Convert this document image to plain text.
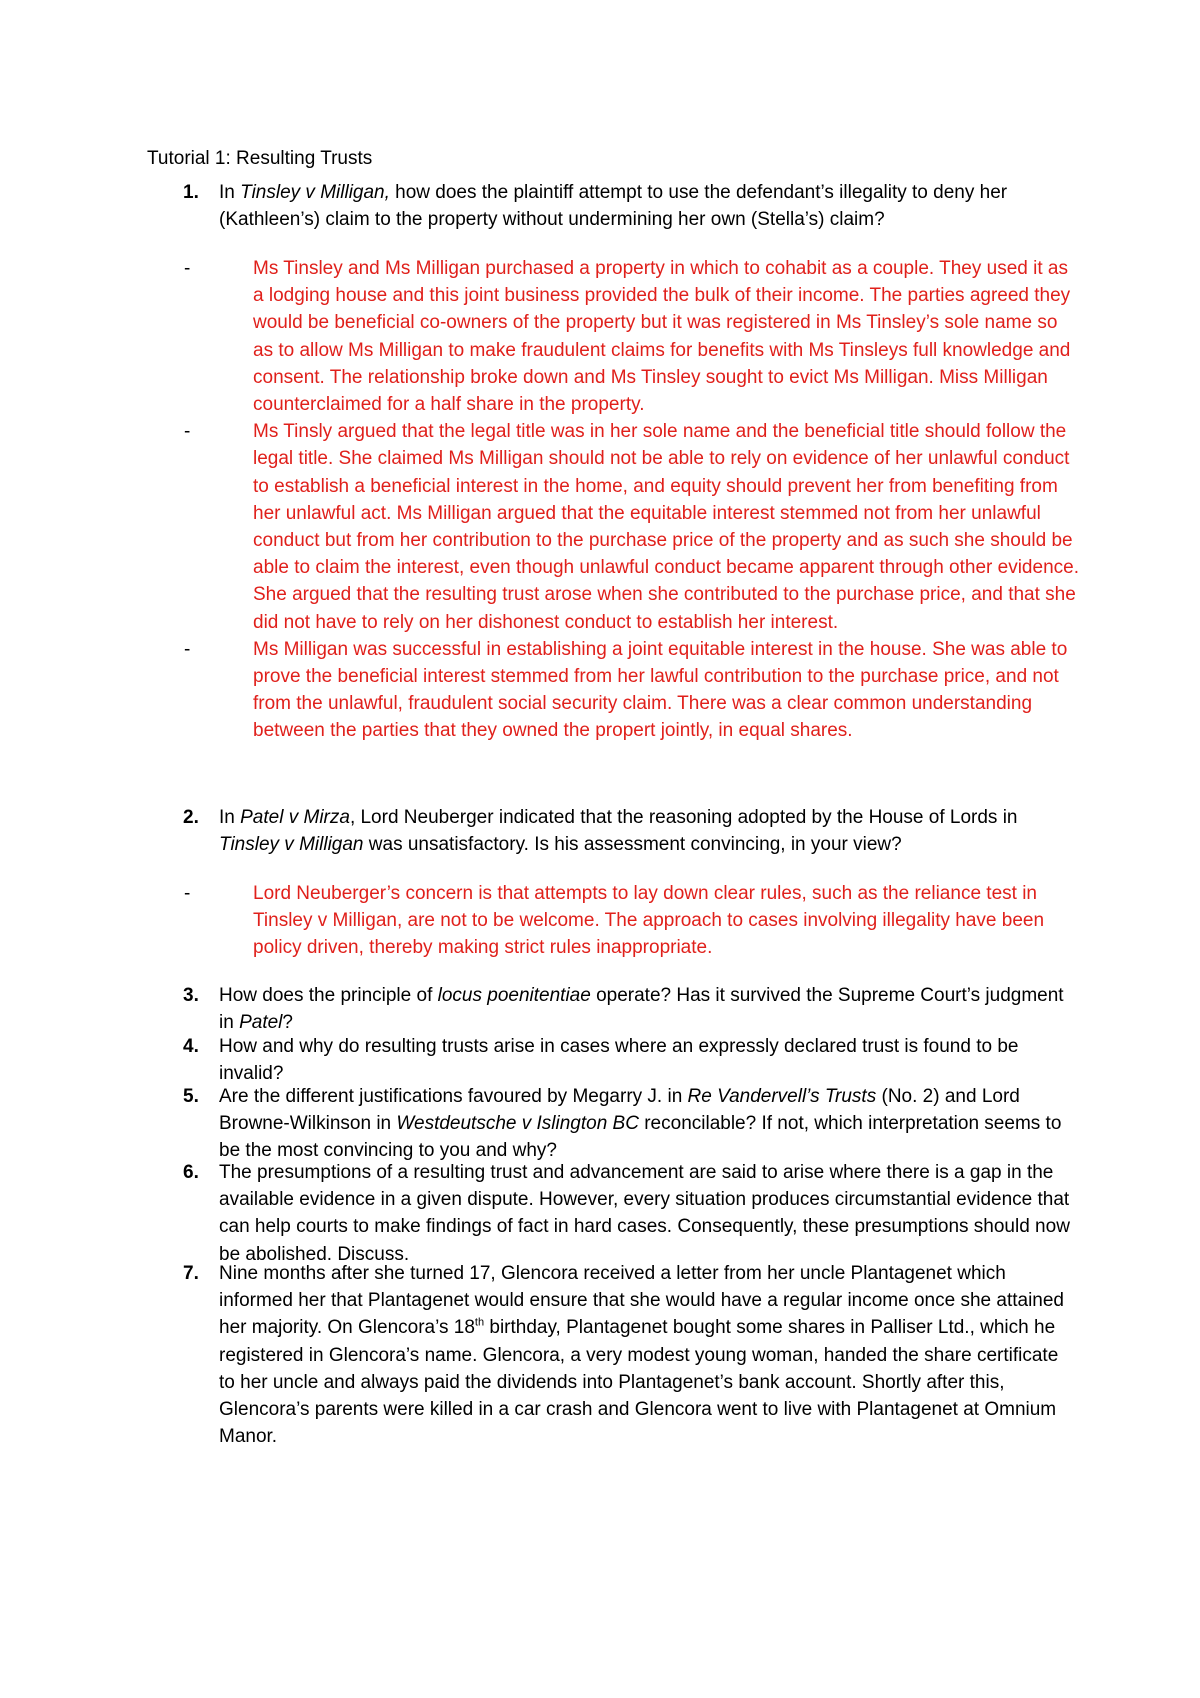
Tutorial 1: Resulting Trusts
1.	In Tinsley v Milligan, how does the plaintiff attempt to use the defendant’s illegality to deny her (Kathleen’s) claim to the property without undermining her own (Stella’s) claim?

-	Ms Tinsley and Ms Milligan purchased a property in which to cohabit as a couple. They used it as a lodging house and this joint business provided the bulk of their income. The parties agreed they would be beneficial co-owners of the property but it was registered in Ms Tinsley’s sole name so as to allow Ms Milligan to make fraudulent claims for benefits with Ms Tinsleys full knowledge and consent. The relationship broke down and Ms Tinsley sought to evict Ms Milligan. Miss Milligan counterclaimed for a half share in the property.

-	Ms Tinsly argued that the legal title was in her sole name and the beneficial title should follow the legal title. She claimed Ms Milligan should not be able to rely on evidence of her unlawful conduct to establish a beneficial interest in the home, and equity should prevent her from benefiting from her unlawful act. Ms Milligan argued that the equitable interest stemmed not from her unlawful conduct but from her contribution to the purchase price of the property and as such she should be able to claim the interest, even though unlawful conduct became apparent through other evidence. She argued that the resulting trust arose when she contributed to the purchase price, and that she did not have to rely on her dishonest conduct to establish her interest.

-	Ms Milligan was successful in establishing a joint equitable interest in the house. She was able to prove the beneficial interest stemmed from her lawful contribution to the purchase price, and not from the unlawful, fraudulent social security claim. There was a clear common understanding between the parties that they owned the propert jointly, in equal shares.

2.	In Patel v Mirza, Lord Neuberger indicated that the reasoning adopted by the House of Lords in Tinsley v Milligan was unsatisfactory. Is his assessment convincing, in your view?

-	Lord Neuberger’s concern is that attempts to lay down clear rules, such as the reliance test in Tinsley v Milligan, are not to be welcome. The approach to cases involving illegality have been policy driven, thereby making strict rules inappropriate.

3.	How does the principle of locus poenitentiae operate? Has it survived the Supreme Court’s judgment in Patel?
4.	How and why do resulting trusts arise in cases where an expressly declared trust is found to be invalid?
5.	Are the different justifications favoured by Megarry J. in Re Vandervell’s Trusts (No. 2) and Lord Browne-Wilkinson in Westdeutsche v Islington BC reconcilable? If not, which interpretation seems to be the most convincing to you and why?
6.	The presumptions of a resulting trust and advancement are said to arise where there is a gap in the available evidence in a given dispute. However, every situation produces circumstantial evidence that can help courts to make findings of fact in hard cases. Consequently, these presumptions should now be abolished. Discuss.
7.	Nine months after she turned 17, Glencora received a letter from her uncle Plantagenet which informed her that Plantagenet would ensure that she would have a regular income once she attained her majority. On Glencora’s 18th birthday, Plantagenet bought some shares in Palliser Ltd., which he registered in Glencora’s name. Glencora, a very modest young woman, handed the share certificate to her uncle and always paid the dividends into Plantagenet’s bank account. Shortly after this, Glencora’s parents were killed in a car crash and Glencora went to live with Plantagenet at Omnium Manor.
